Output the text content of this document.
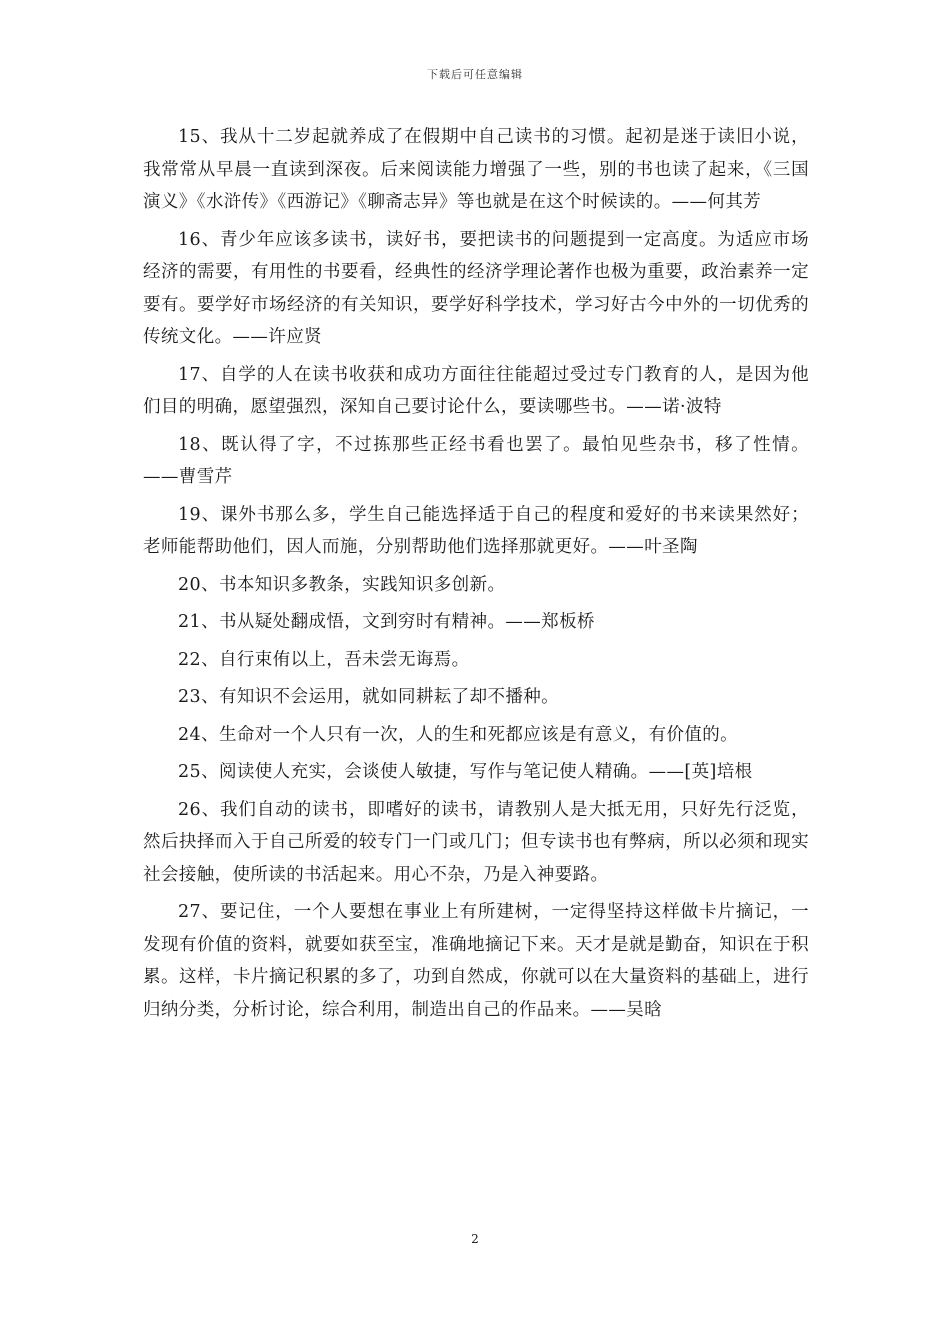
下载后可任意编辑

15、我从十二岁起就养成了在假期中自己读书的习惯。起初是迷于读旧小说，我常常从早晨一直读到深夜。后来阅读能力增强了一些，别的书也读了起来，《三国演义》《水浒传》《西游记》《聊斋志异》等也就是在这个时候读的。——何其芳

16、青少年应该多读书，读好书，要把读书的问题提到一定高度。为适应市场经济的需要，有用性的书要看，经典性的经济学理论著作也极为重要，政治素养一定要有。要学好市场经济的有关知识，要学好科学技术，学习好古今中外的一切优秀的传统文化。——许应贤

17、自学的人在读书收获和成功方面往往能超过受过专门教育的人，是因为他们目的明确，愿望强烈，深知自己要讨论什么，要读哪些书。——诺·波特

18、既认得了字，不过拣那些正经书看也罢了。最怕见些杂书，移了性情。——曹雪芹

19、课外书那么多，学生自己能选择适于自己的程度和爱好的书来读果然好；老师能帮助他们，因人而施，分别帮助他们选择那就更好。——叶圣陶

20、书本知识多教条，实践知识多创新。

21、书从疑处翻成悟，文到穷时有精神。——郑板桥

22、自行束侑以上，吾未尝无诲焉。

23、有知识不会运用，就如同耕耘了却不播种。

24、生命对一个人只有一次，人的生和死都应该是有意义，有价值的。

25、阅读使人充实，会谈使人敏捷，写作与笔记使人精确。——[英]培根

26、我们自动的读书，即嗜好的读书，请教别人是大抵无用，只好先行泛览，然后抉择而入于自己所爱的较专门一门或几门；但专读书也有弊病，所以必须和现实社会接触，使所读的书活起来。用心不杂，乃是入神要路。

27、要记住，一个人要想在事业上有所建树，一定得坚持这样做卡片摘记，一发现有价值的资料，就要如获至宝，准确地摘记下来。天才是就是勤奋，知识在于积累。这样，卡片摘记积累的多了，功到自然成，你就可以在大量资料的基础上，进行归纳分类，分析讨论，综合利用，制造出自己的作品来。——吴晗

2
